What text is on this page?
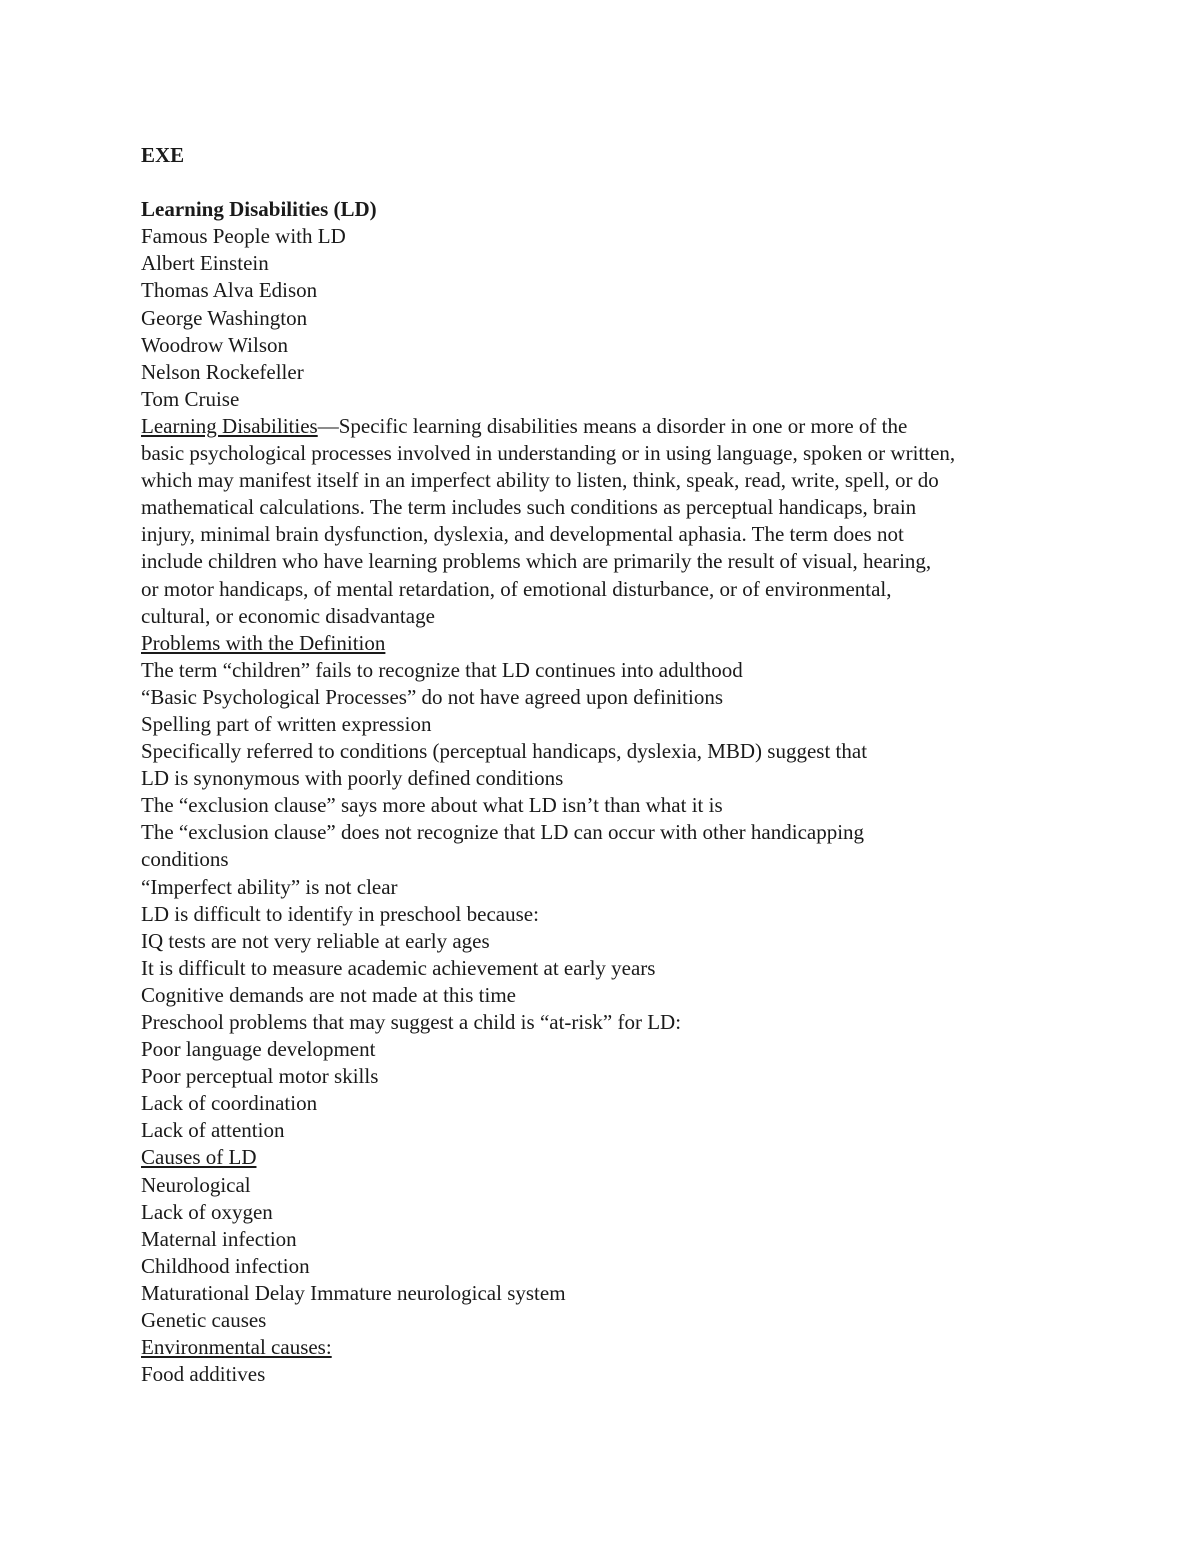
EXE
Learning Disabilities (LD)
Famous People with LD
Albert Einstein
Thomas Alva Edison
George Washington
Woodrow Wilson
Nelson Rockefeller
Tom Cruise
Learning Disabilities—Specific learning disabilities means a disorder in one or more of the
basic psychological processes involved in understanding or in using language, spoken or written,
which may manifest itself in an imperfect ability to listen, think, speak, read, write, spell, or do
mathematical calculations. The term includes such conditions as perceptual handicaps, brain
injury, minimal brain dysfunction, dyslexia, and developmental aphasia. The term does not
include children who have learning problems which are primarily the result of visual, hearing,
or motor handicaps, of mental retardation, of emotional disturbance, or of environmental,
cultural, or economic disadvantage
Problems with the Definition
The term “children” fails to recognize that LD continues into adulthood
“Basic Psychological Processes” do not have agreed upon definitions
Spelling part of written expression
Specifically referred to conditions (perceptual handicaps, dyslexia, MBD) suggest that
LD is synonymous with poorly defined conditions
The “exclusion clause” says more about what LD isn’t than what it is
The “exclusion clause” does not recognize that LD can occur with other handicapping
conditions
“Imperfect ability” is not clear
LD is difficult to identify in preschool because:
IQ tests are not very reliable at early ages
It is difficult to measure academic achievement at early years
Cognitive demands are not made at this time
Preschool problems that may suggest a child is “at-risk” for LD:
Poor language development
Poor perceptual motor skills
Lack of coordination
Lack of attention
Causes of LD
Neurological
Lack of oxygen
Maternal infection
Childhood infection
Maturational Delay Immature neurological system
Genetic causes
Environmental causes:
Food additives
